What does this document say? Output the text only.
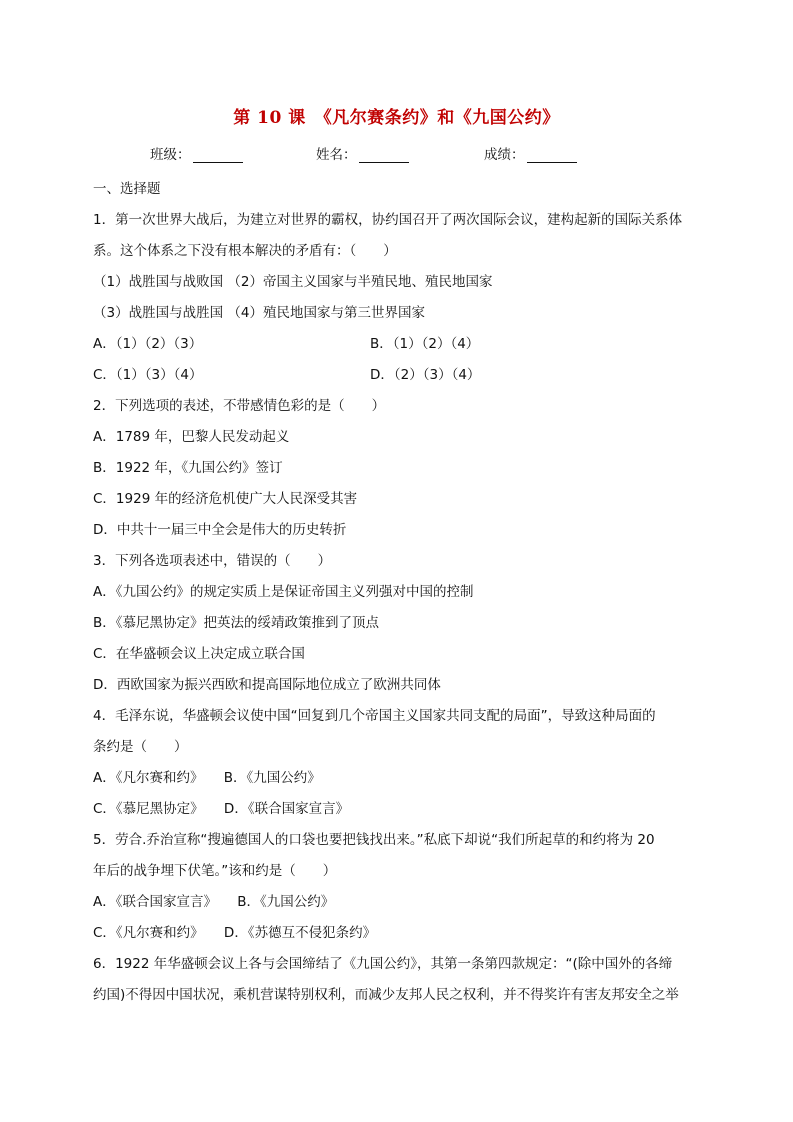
第 10 课　《凡尔赛条约》和《九国公约》
班级：	姓名：	成绩：
一、选择题
1．第一次世界大战后，为建立对世界的霸权，协约国召开了两次国际会议，建构起新的国际关系体
系。这个体系之下没有根本解决的矛盾有：（　　）
（1）战胜国与战败国 （2）帝国主义国家与半殖民地、殖民地国家
（3）战胜国与战胜国 （4）殖民地国家与第三世界国家
A．（1）（2）（3）	B．（1）（2）（4）
C．（1）（3）（4）	D．（2）（3）（4）
2．下列选项的表述，不带感情色彩的是（　　）
A．1789 年，巴黎人民发动起义
B．1922 年，《九国公约》签订
C．1929 年的经济危机使广大人民深受其害
D．中共十一届三中全会是伟大的历史转折
3．下列各选项表述中，错误的（　　）
A．《九国公约》的规定实质上是保证帝国主义列强对中国的控制
B．《慕尼黑协定》把英法的绥靖政策推到了顶点
C．在华盛顿会议上决定成立联合国
D．西欧国家为振兴西欧和提高国际地位成立了欧洲共同体
4．毛泽东说，华盛顿会议使中国“回复到几个帝国主义国家共同支配的局面”，导致这种局面的
条约是（　　）
A．《凡尔赛和约》　　B．《九国公约》
C．《慕尼黑协定》　　D．《联合国家宣言》
5．劳合.乔治宣称“搜遍德国人的口袋也要把钱找出来。”私底下却说“我们所起草的和约将为 20
年后的战争埋下伏笔。”该和约是（　　）
A．《联合国家宣言》　　B．《九国公约》
C．《凡尔赛和约》　　D．《苏德互不侵犯条约》
6．1922 年华盛顿会议上各与会国缔结了《九国公约》，其第一条第四款规定：“(除中国外的各缔
约国)不得因中国状况，乘机营谋特别权利，而减少友邦人民之权利，并不得奖许有害友邦安全之举
